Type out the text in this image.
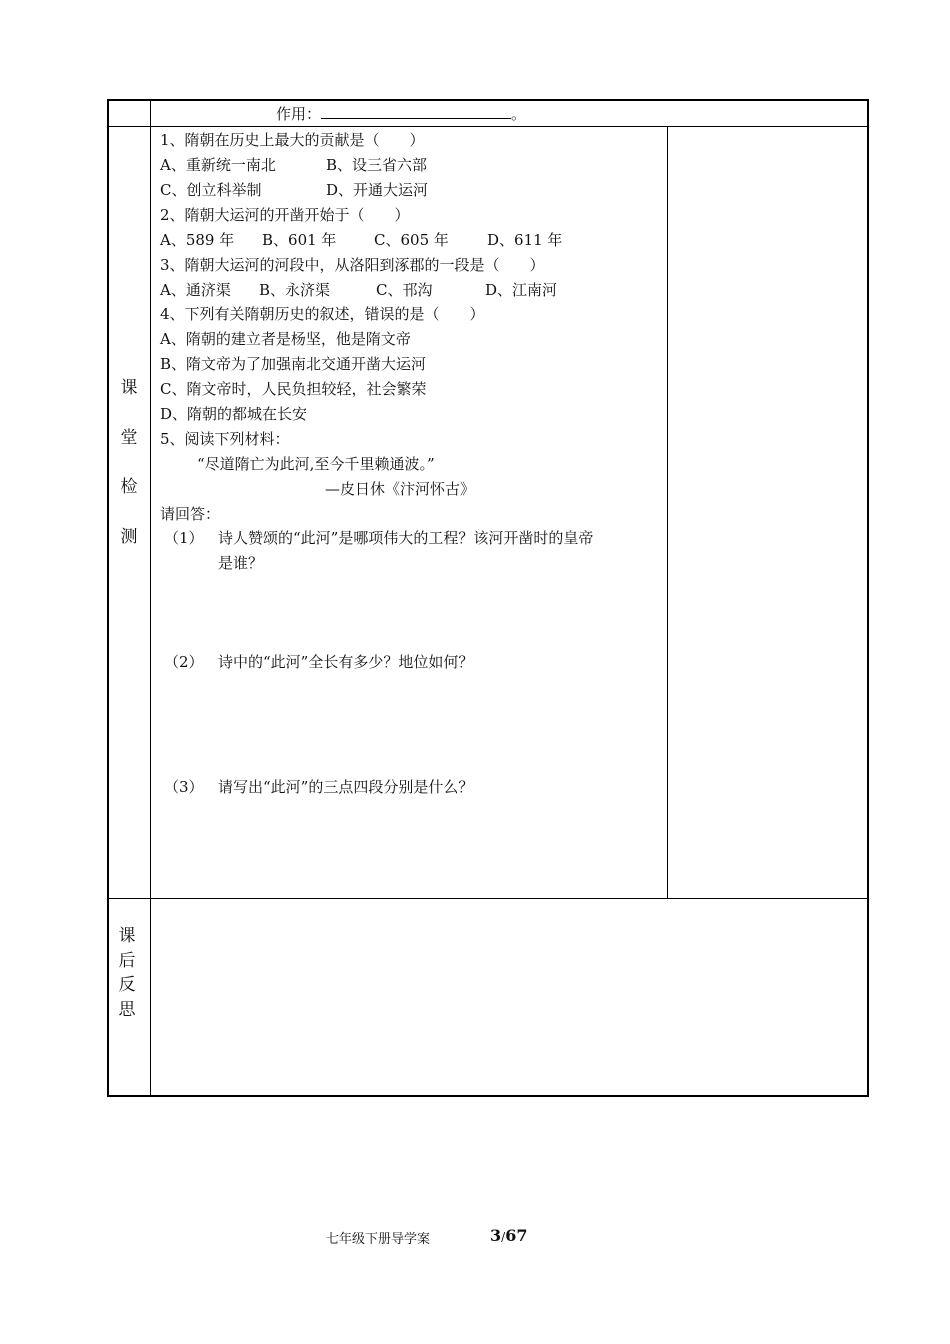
作用：	。
课
堂
检
测
1、隋朝在历史上最大的贡献是（　　）
A、重新统一南北	B、设三省六部
C、创立科举制	D、开通大运河
2、隋朝大运河的开凿开始于（　　）
A、589 年 B、601 年	C、605 年	D、611 年
3、隋朝大运河的河段中，从洛阳到涿郡的一段是（　　）
A、通济渠 B、永济渠	C、邗沟	D、江南河
4、下列有关隋朝历史的叙述，错误的是（　　）
A、隋朝的建立者是杨坚，他是隋文帝
B、隋文帝为了加强南北交通开凿大运河
C、隋文帝时，人民负担较轻，社会繁荣
D、隋朝的都城在长安
5、阅读下列材料：
“尽道隋亡为此河,至今千里赖通波。”
—皮日休《汴河怀古》
请回答：
（1） 诗人赞颂的“此河”是哪项伟大的工程？该河开凿时的皇帝
是谁？
（2） 诗中的“此河”全长有多少？地位如何？
（3） 请写出“此河”的三点四段分别是什么？
课
后
反
思
七年级下册导学案	3/67
